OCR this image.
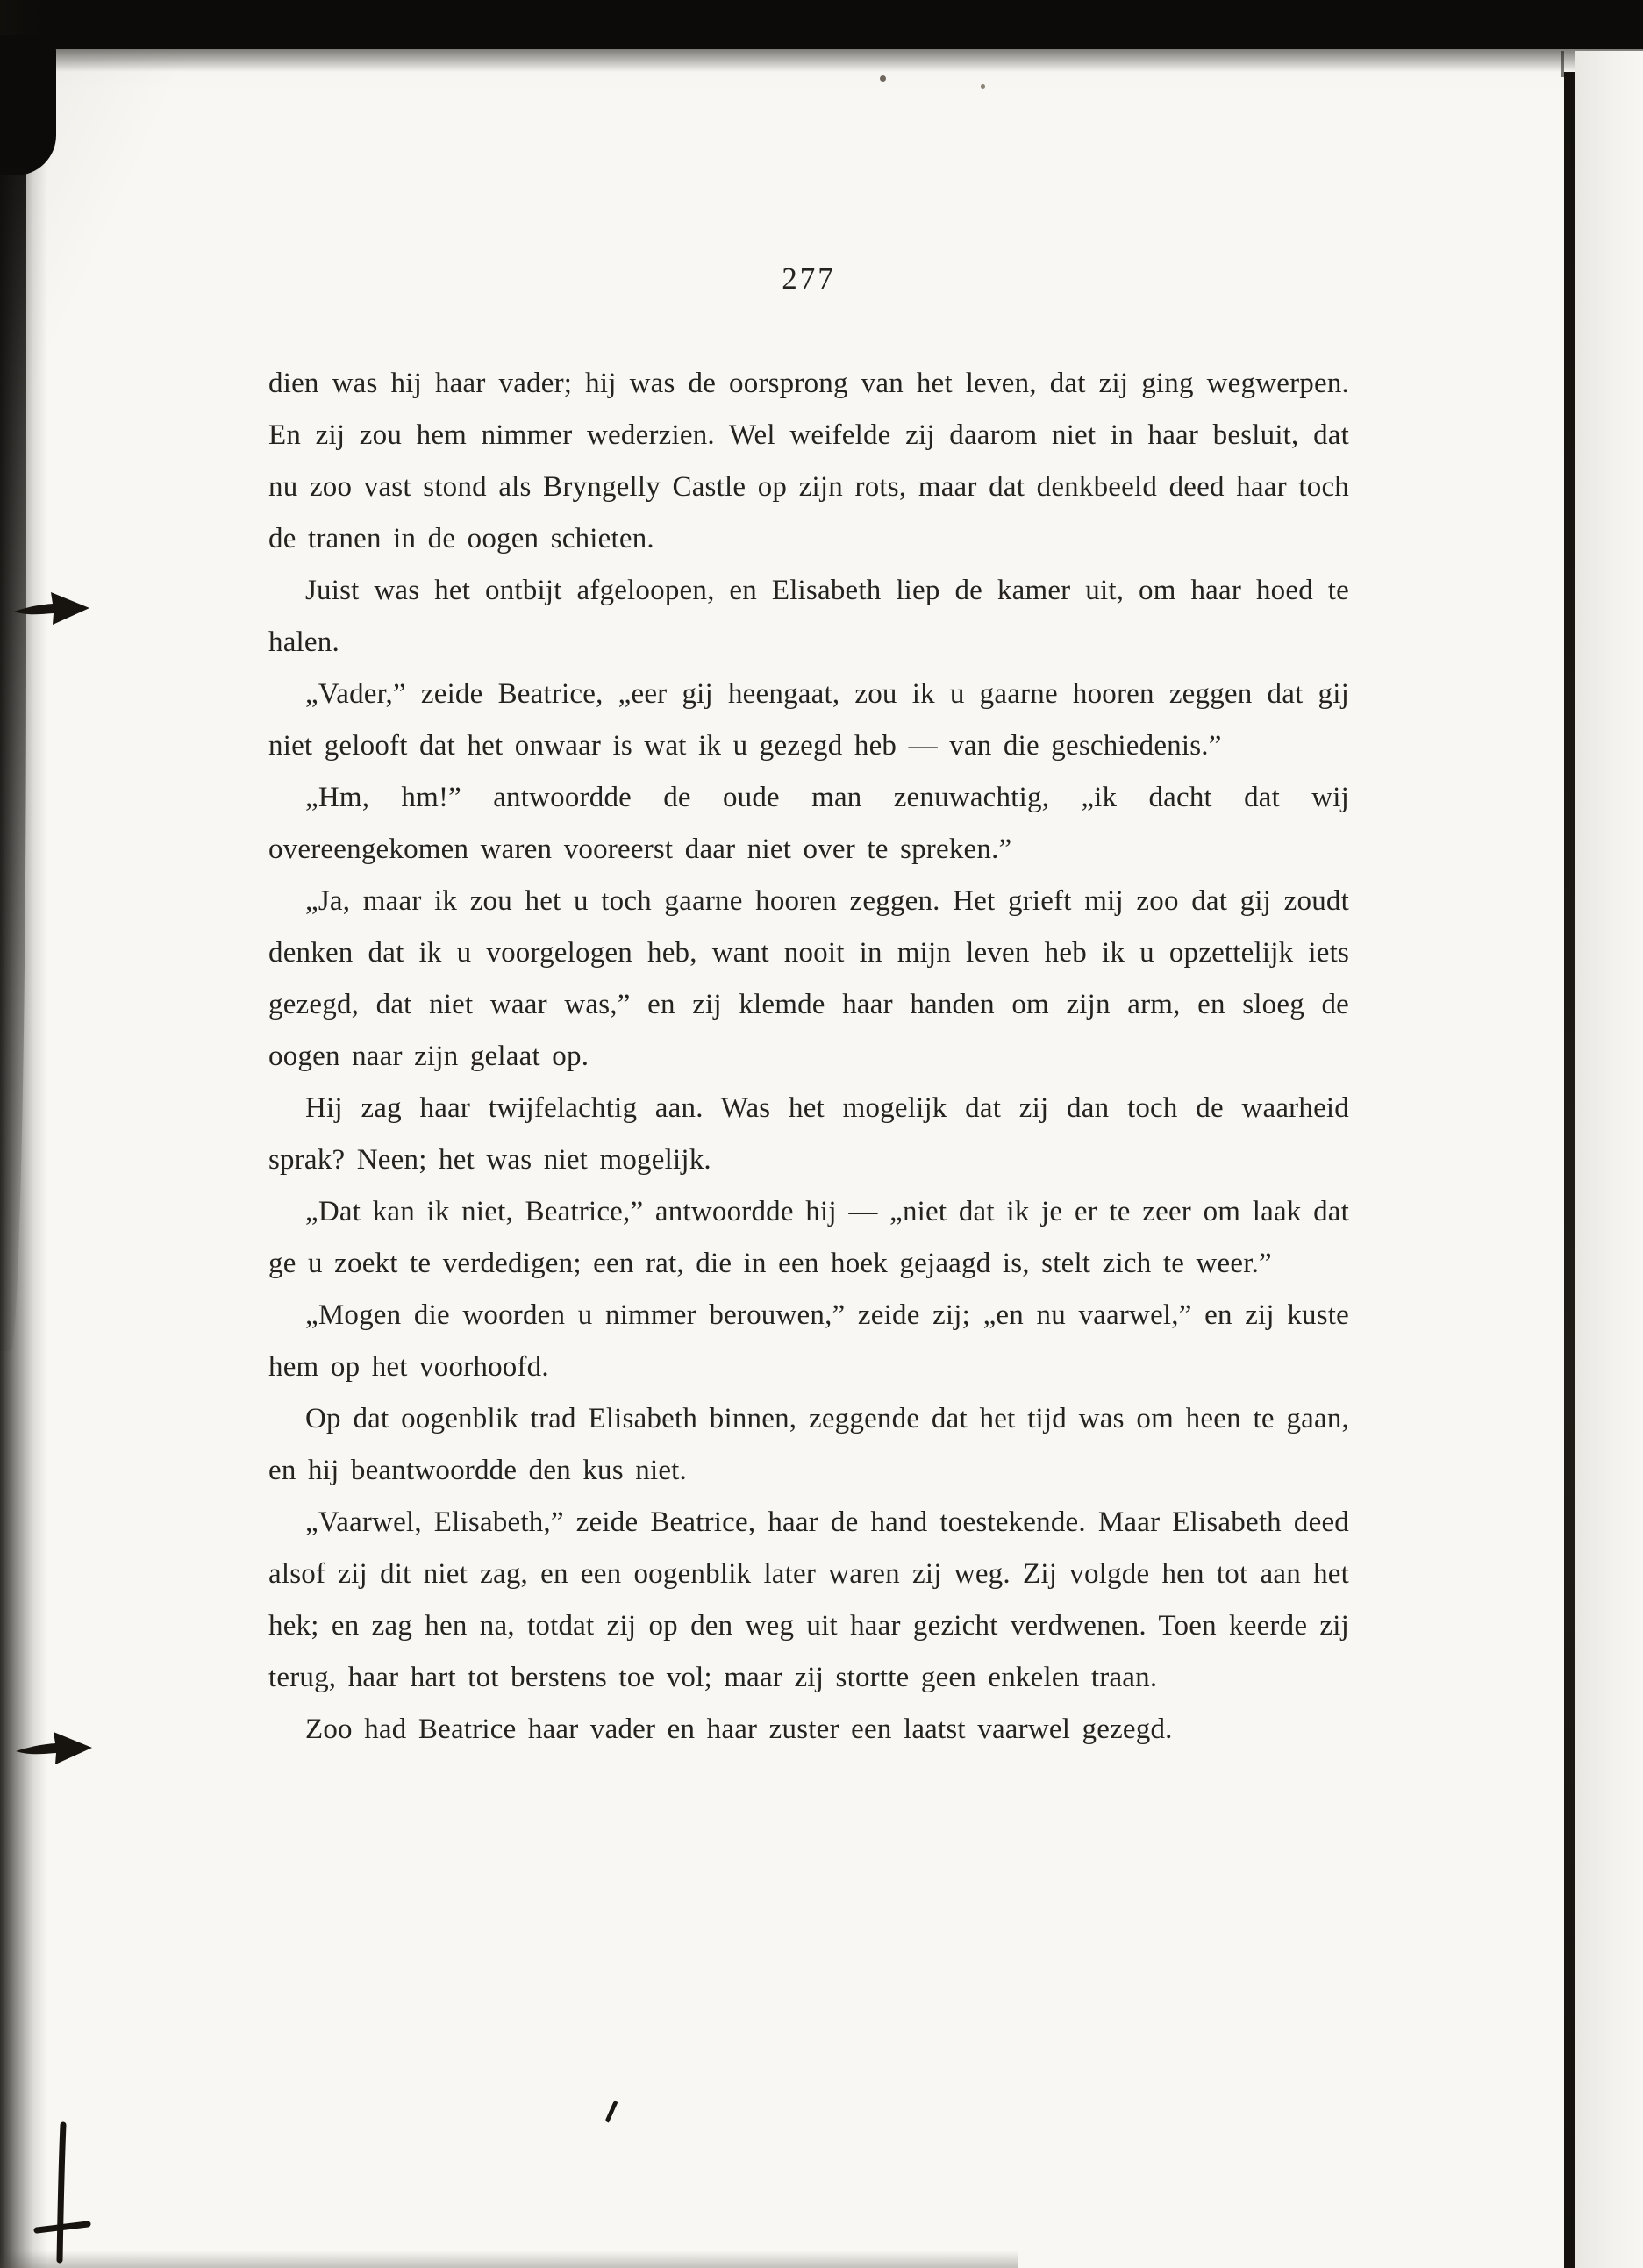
277

dien was hij haar vader; hij was de oorsprong van het leven, dat zij ging wegwerpen. En zij zou hem nimmer wederzien. Wel weifelde zij daarom niet in haar besluit, dat nu zoo vast stond als Bryngelly Castle op zijn rots, maar dat denkbeeld deed haar toch de tranen in de oogen schieten.

Juist was het ontbijt afgeloopen, en Elisabeth liep de kamer uit, om haar hoed te halen.

„Vader,” zeide Beatrice, „eer gij heengaat, zou ik u gaarne hooren zeggen dat gij niet gelooft dat het onwaar is wat ik u gezegd heb — van die geschiedenis.”

„Hm, hm!” antwoordde de oude man zenuwachtig, „ik dacht dat wij overeengekomen waren vooreerst daar niet over te spreken.”

„Ja, maar ik zou het u toch gaarne hooren zeggen. Het grieft mij zoo dat gij zoudt denken dat ik u voorgelogen heb, want nooit in mijn leven heb ik u opzettelijk iets gezegd, dat niet waar was,” en zij klemde haar handen om zijn arm, en sloeg de oogen naar zijn gelaat op.

Hij zag haar twijfelachtig aan. Was het mogelijk dat zij dan toch de waarheid sprak? Neen; het was niet mogelijk.

„Dat kan ik niet, Beatrice,” antwoordde hij — „niet dat ik je er te zeer om laak dat ge u zoekt te verdedigen; een rat, die in een hoek gejaagd is, stelt zich te weer.”

„Mogen die woorden u nimmer berouwen,” zeide zij; „en nu vaarwel,” en zij kuste hem op het voorhoofd.

Op dat oogenblik trad Elisabeth binnen, zeggende dat het tijd was om heen te gaan, en hij beantwoordde den kus niet.

„Vaarwel, Elisabeth,” zeide Beatrice, haar de hand toestekende. Maar Elisabeth deed alsof zij dit niet zag, en een oogenblik later waren zij weg. Zij volgde hen tot aan het hek; en zag hen na, totdat zij op den weg uit haar gezicht verdwenen. Toen keerde zij terug, haar hart tot berstens toe vol; maar zij stortte geen enkelen traan.

Zoo had Beatrice haar vader en haar zuster een laatst vaarwel gezegd.
